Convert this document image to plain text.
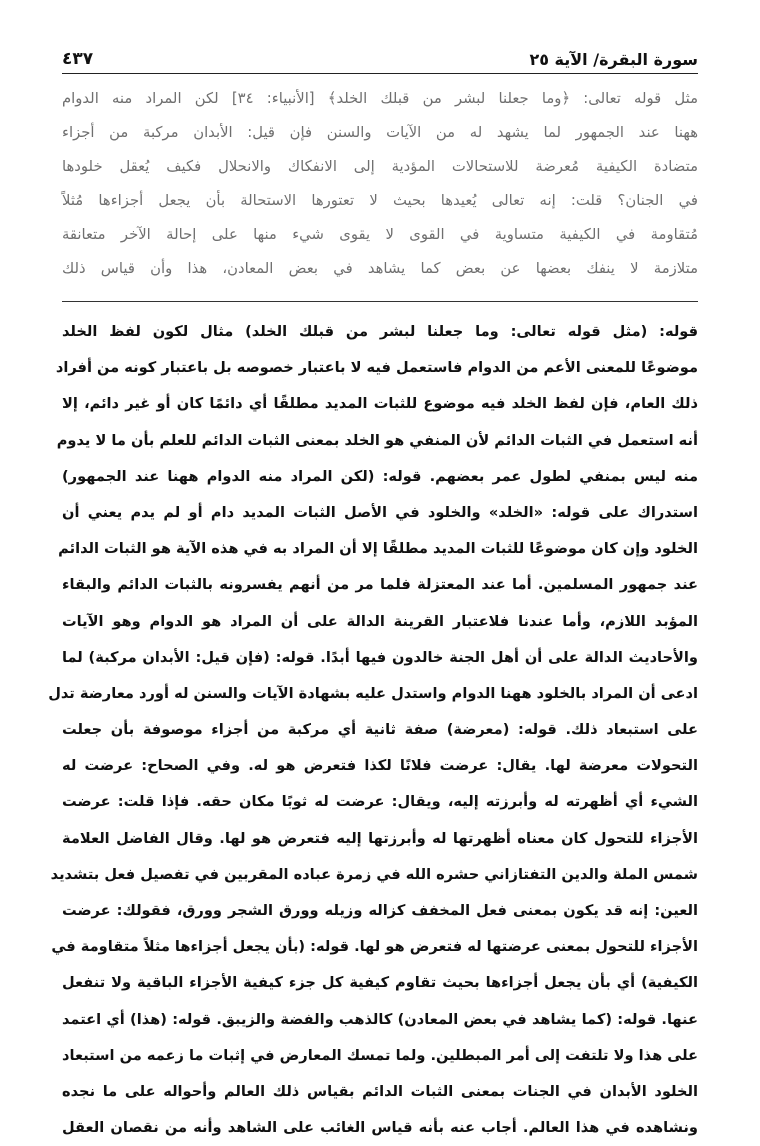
سورة البقرة/ الآية ٢٥
٤٣٧

مثل قوله تعالى: ﴿وما جعلنا لبشر من قبلك الخلد﴾ [الأنبياء: ٣٤] لكن المراد منه الدوام

ههنا عند الجمهور لما يشهد له من الآيات والسنن فإن قيل: الأبدان مركبة من أجزاء

متضادة الكيفية مُعرضة للاستحالات المؤدية إلى الانفكاك والانحلال فكيف يُعقل خلودها

في الجنان؟ قلت: إنه تعالى يُعيدها بحيث لا تعتورها الاستحالة بأن يجعل أجزاءها مُثلاً

مُتقاومة في الكيفية متساوية في القوى لا يقوى شيء منها على إحالة الآخر متعانقة

متلازمة لا ينفك بعضها عن بعض كما يشاهد في بعض المعادن، هذا وأن قياس ذلك

قوله: (مثل قوله تعالى: وما جعلنا لبشر من قبلك الخلد) مثال لكون لفظ الخلد

موضوعًا للمعنى الأعم من الدوام فاستعمل فيه لا باعتبار خصوصه بل باعتبار كونه من أفراد

ذلك العام، فإن لفظ الخلد فيه موضوع للثبات المديد مطلقًا أي دائمًا كان أو غير دائم، إلا

أنه استعمل في الثبات الدائم لأن المنفي هو الخلد بمعنى الثبات الدائم للعلم بأن ما لا يدوم

منه ليس بمنفي لطول عمر بعضهم. قوله: (لكن المراد منه الدوام ههنا عند الجمهور)

استدراك على قوله: «الخلد» والخلود في الأصل الثبات المديد دام أو لم يدم يعني أن

الخلود وإن كان موضوعًا للثبات المديد مطلقًا إلا أن المراد به في هذه الآية هو الثبات الدائم

عند جمهور المسلمين. أما عند المعتزلة فلما مر من أنهم يفسرونه بالثبات الدائم والبقاء

المؤبد اللازم، وأما عندنا فلاعتبار القرينة الدالة على أن المراد هو الدوام وهو الآيات

والأحاديث الدالة على أن أهل الجنة خالدون فيها أبدًا. قوله: (فإن قيل: الأبدان مركبة) لما

ادعى أن المراد بالخلود ههنا الدوام واستدل عليه بشهادة الآيات والسنن له أورد معارضة تدل

على استبعاد ذلك. قوله: (معرضة) صفة ثانية أي مركبة من أجزاء موصوفة بأن جعلت

التحولات معرضة لها. يقال: عرضت فلانًا لكذا فتعرض هو له. وفي الصحاح: عرضت له

الشيء أي أظهرته له وأبرزته إليه، ويقال: عرضت له ثوبًا مكان حقه. فإذا قلت: عرضت

الأجزاء للتحول كان معناه أظهرتها له وأبرزتها إليه فتعرض هو لها. وقال الفاضل العلامة

شمس الملة والدين التفتازاني حشره الله في زمرة عباده المقربين في تفصيل فعل بتشديد

العين: إنه قد يكون بمعنى فعل المخفف كزاله وزيله وورق الشجر وورق، فقولك: عرضت

الأجزاء للتحول بمعنى عرضتها له فتعرض هو لها. قوله: (بأن يجعل أجزاءها مثلاً متقاومة في

الكيفية) أي بأن يجعل أجزاءها بحيث تقاوم كيفية كل جزء كيفية الأجزاء الباقية ولا تنفعل

عنها. قوله: (كما يشاهد في بعض المعادن) كالذهب والفضة والزيبق. قوله: (هذا) أي اعتمد

على هذا ولا تلتفت إلى أمر المبطلين. ولما تمسك المعارض في إثبات ما زعمه من استبعاد

الخلود الأبدان في الجنات بمعنى الثبات الدائم بقياس ذلك العالم وأحواله على ما نجده

ونشاهده في هذا العالم. أجاب عنه بأنه قياس الغائب على الشاهد وأنه من نقصان العقل
